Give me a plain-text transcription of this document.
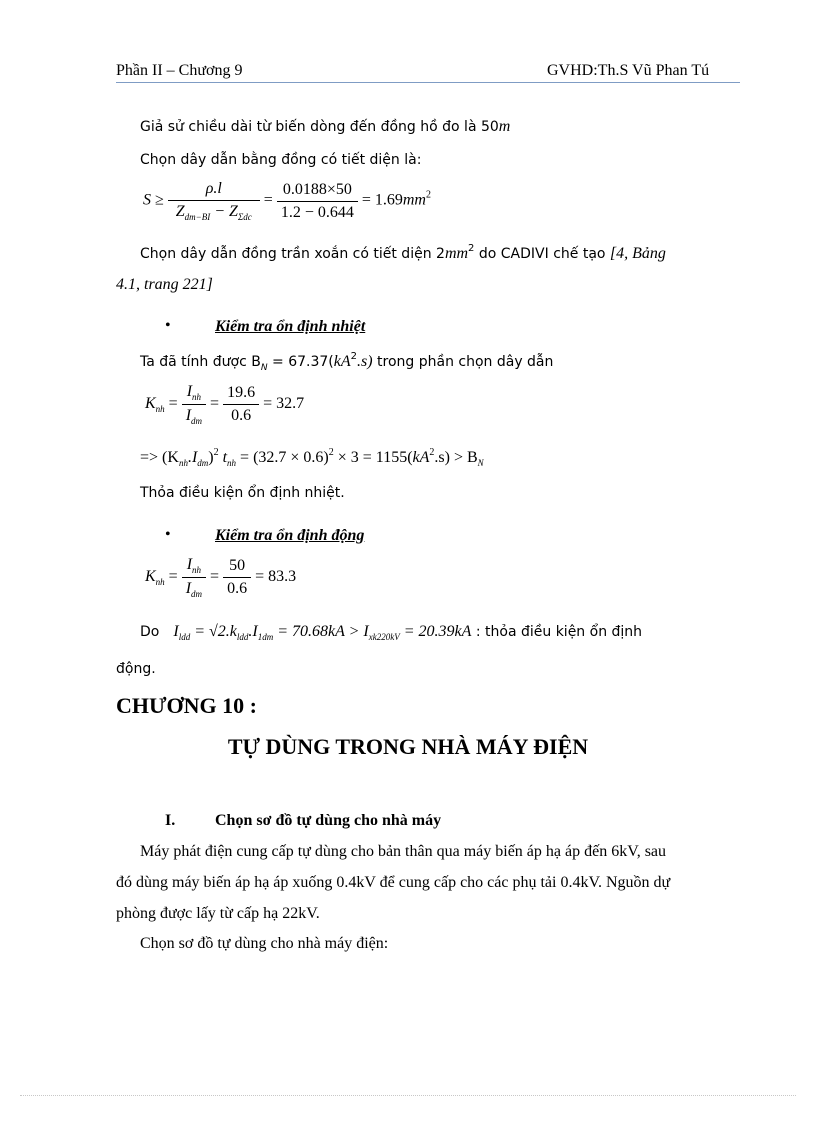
Phần II – Chương 9	GVHD:Th.S Vũ Phan Tú
Giả sử chiều dài từ biến dòng đến đồng hồ đo là 50m
Chọn dây dẫn bằng đồng có tiết diện là:
$S \ge \frac{\rho.l}{Z_{dm-BI} - Z_{\Sigma dc}} = \frac{0.0188\times 50}{1.2 - 0.644} = 1.69mm^2$
Chọn dây dẫn đồng trần xoắn có tiết diện $2mm^2$ do CADIVI chế tạo [4, Bảng
4.1, trang 221]
•	Kiểm tra ổn định nhiệt
Ta đã tính được $B_N = 67.37(kA^2.s)$ trong phần chọn dây dẫn
$K_{nh} = \frac{I_{nh}}{I_{dm}} = \frac{19.6}{0.6} = 32.7$
=> $(K_{nh}.I_{dm})^2$ $t_{nh} = (32.7 \times 0.6)^2 \times 3 = 1155(kA^2.s) > B_N$
Thỏa điều kiện ổn định nhiệt.
•	Kiểm tra ổn định động
$K_{nh} = \frac{I_{nh}}{I_{dm}} = \frac{50}{0.6} = 83.3$
Do $I_{ldd} = √2.k_{ldd}.I_{1dm} = 70.68kA > I_{xk220kV} = 20.39kA$ : thỏa điều kiện ổn định
động.
CHƯƠNG 10 :
TỰ DÙNG TRONG NHÀ MÁY ĐIỆN
I. Chọn sơ đồ tự dùng cho nhà máy
Máy phát điện cung cấp tự dùng cho bản thân qua máy biến áp hạ áp đến 6kV, sau
đó dùng máy biến áp hạ áp xuống 0.4kV để cung cấp cho các phụ tải 0.4kV. Nguồn dự
phòng được lấy từ cấp hạ 22kV.
Chọn sơ đồ tự dùng cho nhà máy điện:
